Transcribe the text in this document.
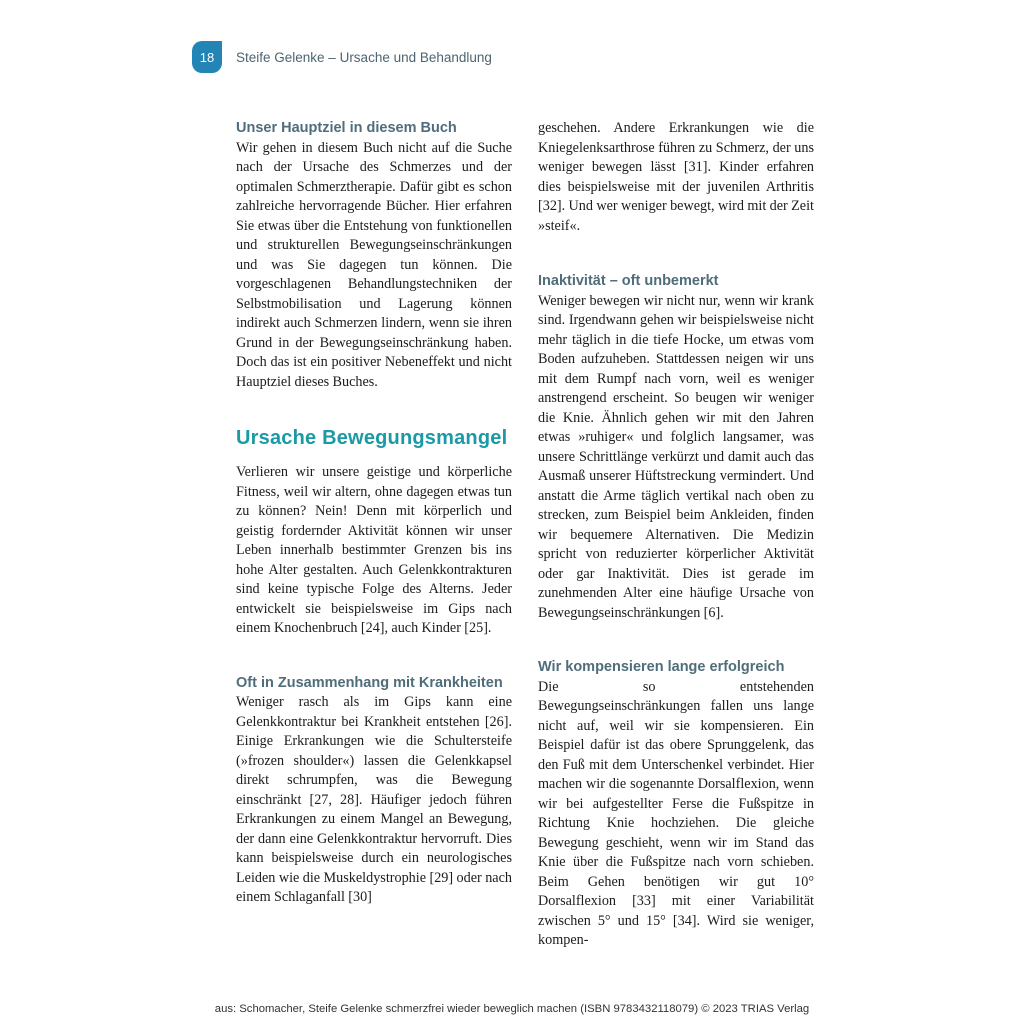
18	Steife Gelenke – Ursache und Behandlung
Unser Hauptziel in diesem Buch

Wir gehen in diesem Buch nicht auf die Suche nach der Ursache des Schmerzes und der optimalen Schmerztherapie. Dafür gibt es schon zahlreiche hervorragende Bücher. Hier erfahren Sie etwas über die Entstehung von funktionellen und strukturellen Bewegungseinschränkungen und was Sie dagegen tun können. Die vorgeschlagenen Behandlungstechniken der Selbstmobilisation und Lagerung können indirekt auch Schmerzen lindern, wenn sie ihren Grund in der Bewegungseinschränkung haben. Doch das ist ein positiver Nebeneffekt und nicht Hauptziel dieses Buches.

Ursache Bewegungsmangel

Verlieren wir unsere geistige und körperliche Fitness, weil wir altern, ohne dagegen etwas tun zu können? Nein! Denn mit körperlich und geistig fordernder Aktivität können wir unser Leben innerhalb bestimmter Grenzen bis ins hohe Alter gestalten. Auch Gelenkkontrakturen sind keine typische Folge des Alterns. Jeder entwickelt sie beispielsweise im Gips nach einem Knochenbruch [24], auch Kinder [25].

Oft in Zusammenhang mit Krankheiten

Weniger rasch als im Gips kann eine Gelenkkontraktur bei Krankheit entstehen [26]. Einige Erkrankungen wie die Schultersteife (»frozen shoulder«) lassen die Gelenkkapsel direkt schrumpfen, was die Bewegung einschränkt [27, 28]. Häufiger jedoch führen Erkrankungen zu einem Mangel an Bewegung, der dann eine Gelenkkontraktur hervorruft. Dies kann beispielsweise durch ein neurologisches Leiden wie die Muskeldystrophie [29] oder nach einem Schlaganfall [30]

geschehen. Andere Erkrankungen wie die Kniegelenksarthrose führen zu Schmerz, der uns weniger bewegen lässt [31]. Kinder erfahren dies beispielsweise mit der juvenilen Arthritis [32]. Und wer weniger bewegt, wird mit der Zeit »steif«.

Inaktivität – oft unbemerkt

Weniger bewegen wir nicht nur, wenn wir krank sind. Irgendwann gehen wir beispielsweise nicht mehr täglich in die tiefe Hocke, um etwas vom Boden aufzuheben. Stattdessen neigen wir uns mit dem Rumpf nach vorn, weil es weniger anstrengend erscheint. So beugen wir weniger die Knie. Ähnlich gehen wir mit den Jahren etwas »ruhiger« und folglich langsamer, was unsere Schrittlänge verkürzt und damit auch das Ausmaß unserer Hüftstreckung vermindert. Und anstatt die Arme täglich vertikal nach oben zu strecken, zum Beispiel beim Ankleiden, finden wir bequemere Alternativen. Die Medizin spricht von reduzierter körperlicher Aktivität oder gar Inaktivität. Dies ist gerade im zunehmenden Alter eine häufige Ursache von Bewegungseinschränkungen [6].

Wir kompensieren lange erfolgreich

Die so entstehenden Bewegungseinschränkungen fallen uns lange nicht auf, weil wir sie kompensieren. Ein Beispiel dafür ist das obere Sprunggelenk, das den Fuß mit dem Unterschenkel verbindet. Hier machen wir die sogenannte Dorsalflexion, wenn wir bei aufgestellter Ferse die Fußspitze in Richtung Knie hochziehen. Die gleiche Bewegung geschieht, wenn wir im Stand das Knie über die Fußspitze nach vorn schieben. Beim Gehen benötigen wir gut 10° Dorsalflexion [33] mit einer Variabilität zwischen 5° und 15° [34]. Wird sie weniger, kompen-

aus: Schomacher, Steife Gelenke schmerzfrei wieder beweglich machen (ISBN 9783432118079) © 2023 TRIAS Verlag
